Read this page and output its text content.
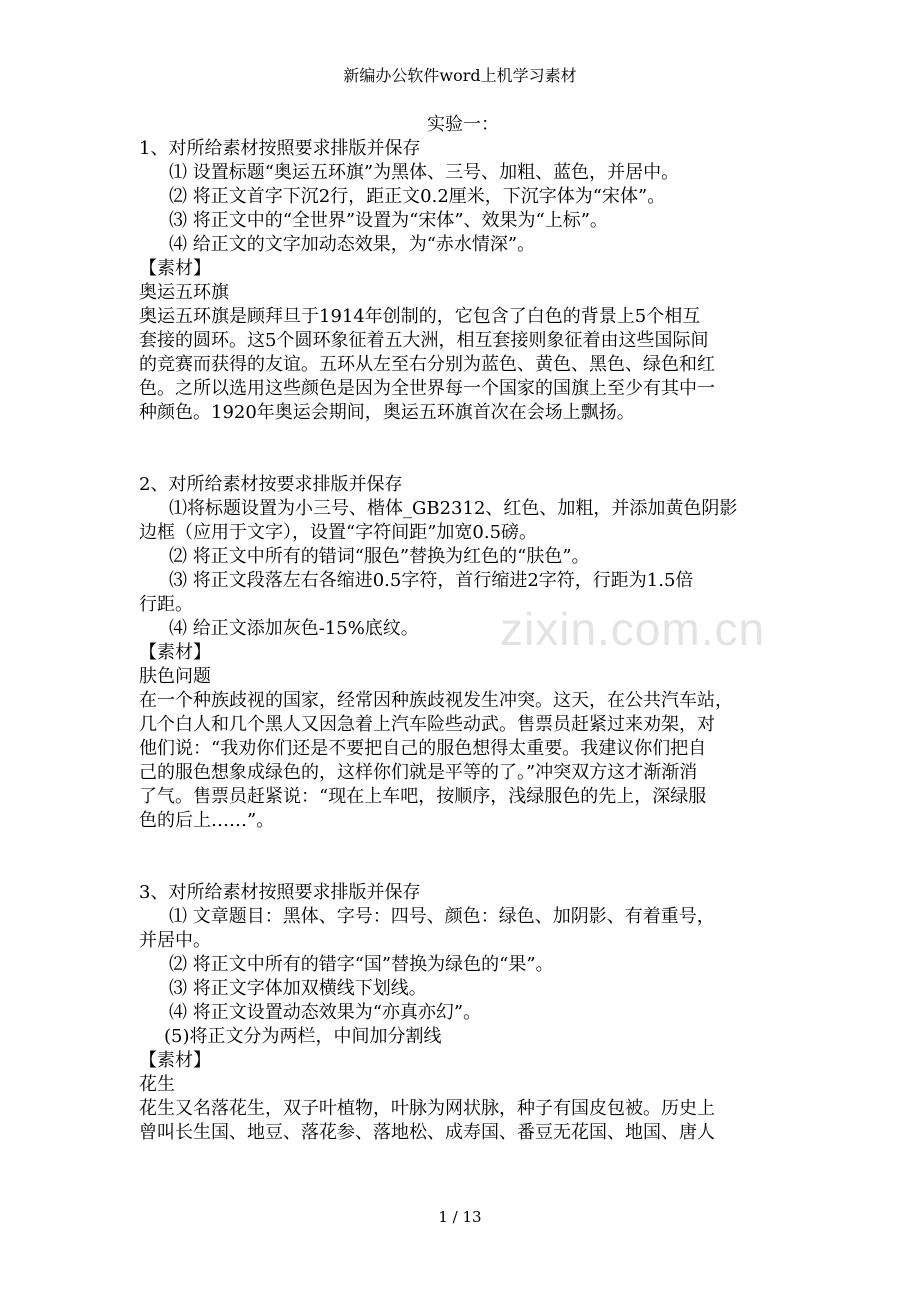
新编办公软件word上机学习素材
实验一：
1、对所给素材按照要求排版并保存
⑴ 设置标题“奥运五环旗”为黑体、三号、加粗、蓝色，并居中。
⑵ 将正文首字下沉2行，距正文0.2厘米，下沉字体为“宋体”。
⑶ 将正文中的“全世界”设置为“宋体”、效果为“上标”。
⑷ 给正文的文字加动态效果，为“赤水情深”。
【素材】
奥运五环旗
奥运五环旗是顾拜旦于1914年创制的，它包含了白色的背景上5个相互
套接的圆环。这5个圆环象征着五大洲，相互套接则象征着由这些国际间
的竞赛而获得的友谊。五环从左至右分别为蓝色、黄色、黑色、绿色和红
色。之所以选用这些颜色是因为全世界每一个国家的国旗上至少有其中一
种颜色。1920年奥运会期间，奥运五环旗首次在会场上飘扬。
2、对所给素材按要求排版并保存
⑴将标题设置为小三号、楷体_GB2312、红色、加粗，并添加黄色阴影
边框（应用于文字），设置“字符间距”加宽0.5磅。
⑵ 将正文中所有的错词“服色”替换为红色的“肤色”。
⑶ 将正文段落左右各缩进0.5字符，首行缩进2字符，行距为1.5倍
行距。
⑷ 给正文添加灰色-15%底纹。
【素材】
肤色问题
在一个种族歧视的国家，经常因种族歧视发生冲突。这天，在公共汽车站，
几个白人和几个黑人又因急着上汽车险些动武。售票员赶紧过来劝架，对
他们说：“我劝你们还是不要把自己的服色想得太重要。我建议你们把自
己的服色想象成绿色的，这样你们就是平等的了。”冲突双方这才渐渐消
了气。售票员赶紧说：“现在上车吧，按顺序，浅绿服色的先上，深绿服
色的后上……”。
3、对所给素材按照要求排版并保存
⑴ 文章题目：黑体、字号：四号、颜色：绿色、加阴影、有着重号，
并居中。
⑵ 将正文中所有的错字“国”替换为绿色的“果”。
⑶ 将正文字体加双横线下划线。
⑷ 将正文设置动态效果为“亦真亦幻”。
(5)将正文分为两栏，中间加分割线
【素材】
花生
花生又名落花生，双子叶植物，叶脉为网状脉，种子有国皮包被。历史上
曾叫长生国、地豆、落花参、落地松、成寿国、番豆无花国、地国、唐人
zixin.com.cn
1 / 13
